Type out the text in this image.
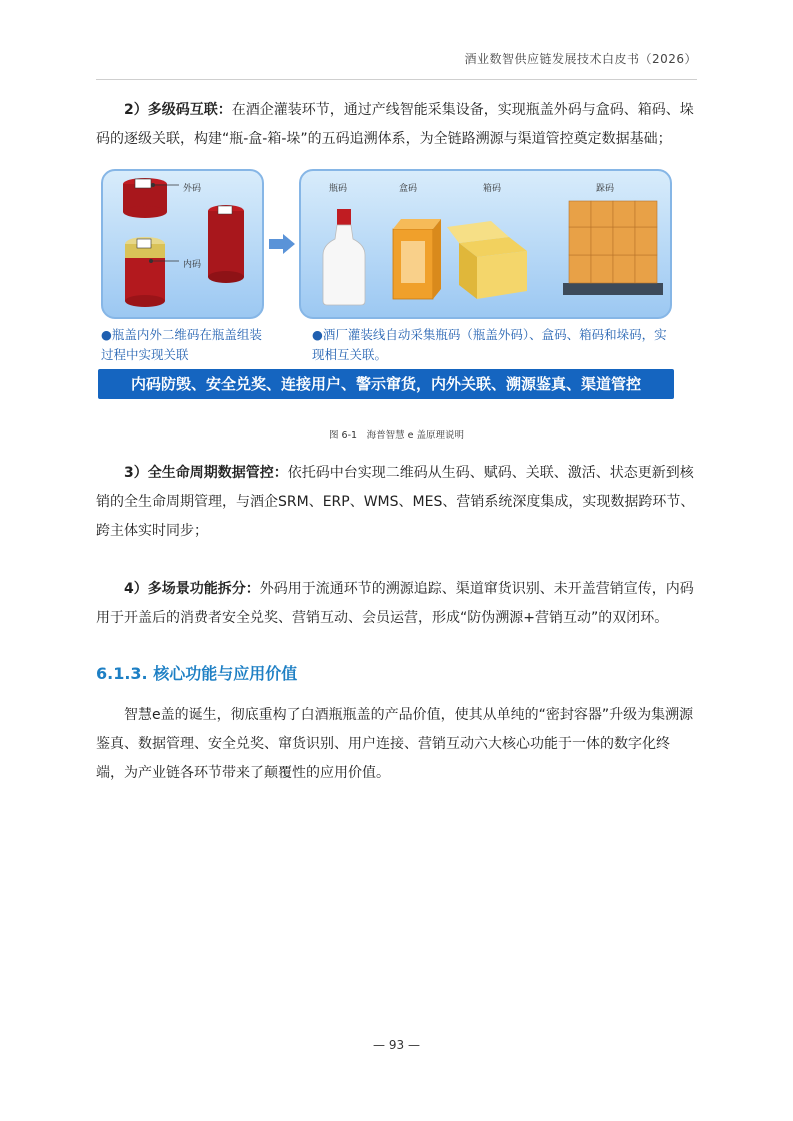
酒业数智供应链发展技术白皮书（2026）

2）多级码互联：在酒企灌装环节，通过产线智能采集设备，实现瓶盖外码与盒码、箱码、垛码的逐级关联，构建“瓶-盒-箱-垛”的五码追溯体系，为全链路溯源与渠道管控奠定数据基础；

外码
内码
瓶码	盒码	箱码	跺码
●瓶盖内外二维码在瓶盖组装过程中实现关联
●酒厂灌装线自动采集瓶码（瓶盖外码）、盒码、箱码和垛码，实现相互关联。
内码防毁、安全兑奖、连接用户、警示窜货，内外关联、溯源鉴真、渠道管控
图 6-1　海普智慧 e 盖原理说明

3）全生命周期数据管控：依托码中台实现二维码从生码、赋码、关联、激活、状态更新到核销的全生命周期管理，与酒企SRM、ERP、WMS、MES、营销系统深度集成，实现数据跨环节、跨主体实时同步；

4）多场景功能拆分：外码用于流通环节的溯源追踪、渠道窜货识别、未开盖营销宣传，内码用于开盖后的消费者安全兑奖、营销互动、会员运营，形成“防伪溯源+营销互动”的双闭环。

6.1.3. 核心功能与应用价值

智慧e盖的诞生，彻底重构了白酒瓶瓶盖的产品价值，使其从单纯的“密封容器”升级为集溯源鉴真、数据管理、安全兑奖、窜货识别、用户连接、营销互动六大核心功能于一体的数字化终端，为产业链各环节带来了颠覆性的应用价值。

— 93 —
